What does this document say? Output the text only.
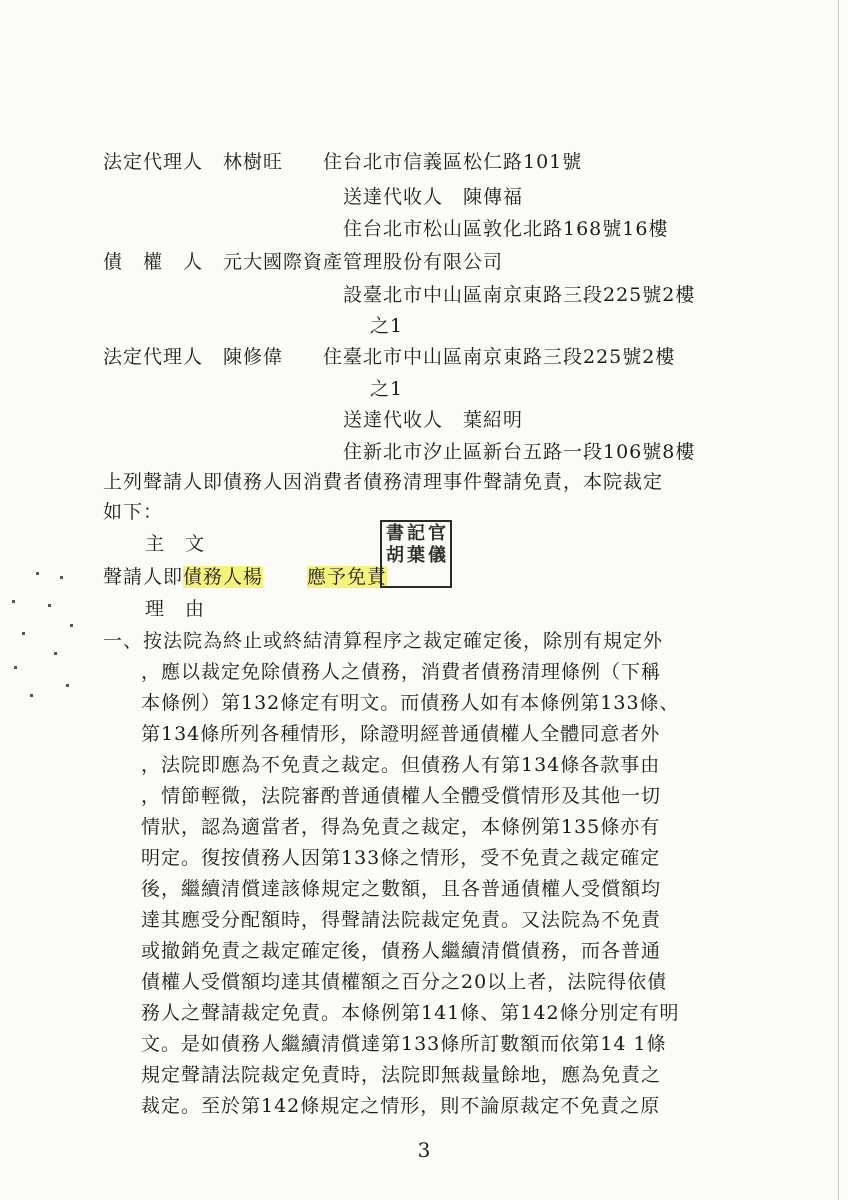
法定代理人　林樹旺　　住台北市信義區松仁路101號
送達代收人　陳傳福
住台北市松山區敦化北路168號16樓
債　權　人　元大國際資產管理股份有限公司
設臺北市中山區南京東路三段225號2樓
之1
法定代理人　陳修偉　　住臺北市中山區南京東路三段225號2樓
之1
送達代收人　葉紹明
住新北市汐止區新台五路一段106號8樓
上列聲請人即債務人因消費者債務清理事件聲請免責，本院裁定
如下：
主　文
聲請人即債務人楊 應予免責
官
記
書
儀
葉
胡
理　由
一、按法院為終止或終結清算程序之裁定確定後，除別有規定外
，應以裁定免除債務人之債務，消費者債務清理條例（下稱
本條例）第132條定有明文。而債務人如有本條例第133條、
第134條所列各種情形，除證明經普通債權人全體同意者外
，法院即應為不免責之裁定。但債務人有第134條各款事由
，情節輕微，法院審酌普通債權人全體受償情形及其他一切
情狀，認為適當者，得為免責之裁定，本條例第135條亦有
明定。復按債務人因第133條之情形，受不免責之裁定確定
後，繼續清償達該條規定之數額，且各普通債權人受償額均
達其應受分配額時，得聲請法院裁定免責。又法院為不免責
或撤銷免責之裁定確定後，債務人繼續清償債務，而各普通
債權人受償額均達其債權額之百分之20以上者，法院得依債
務人之聲請裁定免責。本條例第141條、第142條分別定有明
文。是如債務人繼續清償達第133條所訂數額而依第14 1條
規定聲請法院裁定免責時，法院即無裁量餘地，應為免責之
裁定。至於第142條規定之情形，則不論原裁定不免責之原
3
